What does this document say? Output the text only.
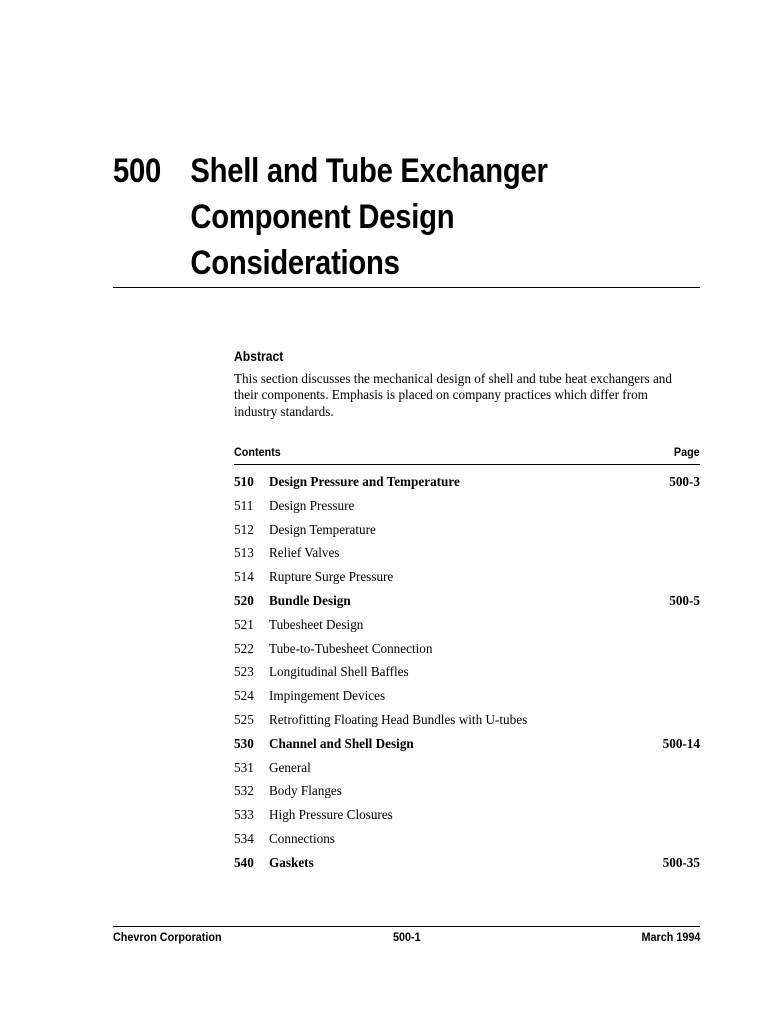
500 Shell and Tube Exchanger
Component Design
Considerations
Abstract
This section discusses the mechanical design of shell and tube heat exchangers and
their components. Emphasis is placed on company practices which differ from
industry standards.
Contents	Page
510 Design Pressure and Temperature	500-3
511 Design Pressure
512 Design Temperature
513 Relief Valves
514 Rupture Surge Pressure
520 Bundle Design	500-5
521 Tubesheet Design
522 Tube-to-Tubesheet Connection
523 Longitudinal Shell Baffles
524 Impingement Devices
525 Retrofitting Floating Head Bundles with U-tubes
530 Channel and Shell Design	500-14
531 General
532 Body Flanges
533 High Pressure Closures
534 Connections
540 Gaskets	500-35
Chevron Corporation	500-1	March 1994
